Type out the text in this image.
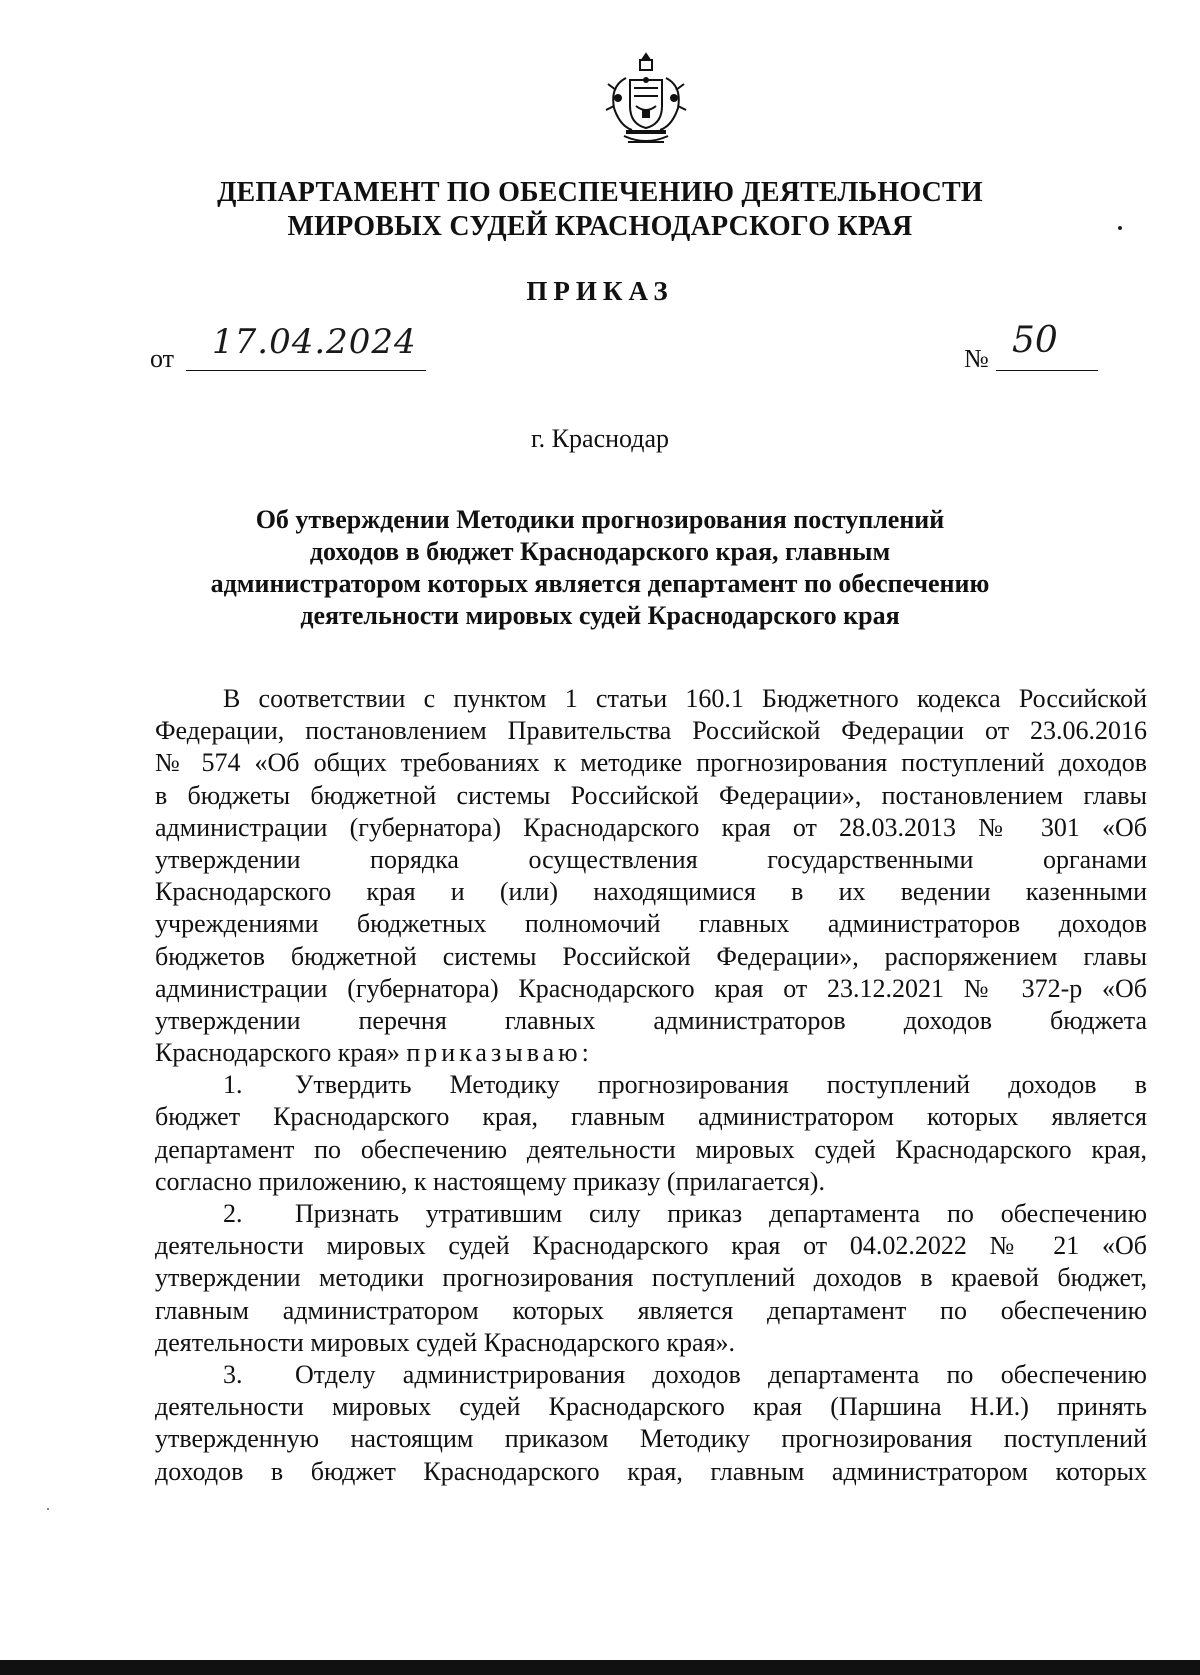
ДЕПАРТАМЕНТ ПО ОБЕСПЕЧЕНИЮ ДЕЯТЕЛЬНОСТИ
МИРОВЫХ СУДЕЙ КРАСНОДАРСКОГО КРАЯ
ПРИКАЗ
от 17.04.2024	№ 50
г. Краснодар
Об утверждении Методики прогнозирования поступлений
доходов в бюджет Краснодарского края, главным
администратором которых является департамент по обеспечению
деятельности мировых судей Краснодарского края
В соответствии с пунктом 1 статьи 160.1 Бюджетного кодекса Российской
Федерации, постановлением Правительства Российской Федерации от 23.06.2016
№ 574 «Об общих требованиях к методике прогнозирования поступлений доходов
в бюджеты бюджетной системы Российской Федерации», постановлением главы
администрации (губернатора) Краснодарского края от 28.03.2013 № 301 «Об
утверждении порядка осуществления государственными органами
Краснодарского края и (или) находящимися в их ведении казенными
учреждениями бюджетных полномочий главных администраторов доходов
бюджетов бюджетной системы Российской Федерации», распоряжением главы
администрации (губернатора) Краснодарского края от 23.12.2021 № 372-р «Об
утверждении перечня главных администраторов доходов бюджета
Краснодарского края» приказываю:
1. Утвердить Методику прогнозирования поступлений доходов в
бюджет Краснодарского края, главным администратором которых является
департамент по обеспечению деятельности мировых судей Краснодарского края,
согласно приложению, к настоящему приказу (прилагается).
2. Признать утратившим силу приказ департамента по обеспечению
деятельности мировых судей Краснодарского края от 04.02.2022 № 21 «Об
утверждении методики прогнозирования поступлений доходов в краевой бюджет,
главным администратором которых является департамент по обеспечению
деятельности мировых судей Краснодарского края».
3. Отделу администрирования доходов департамента по обеспечению
деятельности мировых судей Краснодарского края (Паршина Н.И.) принять
утвержденную настоящим приказом Методику прогнозирования поступлений
доходов в бюджет Краснодарского края, главным администратором которых
